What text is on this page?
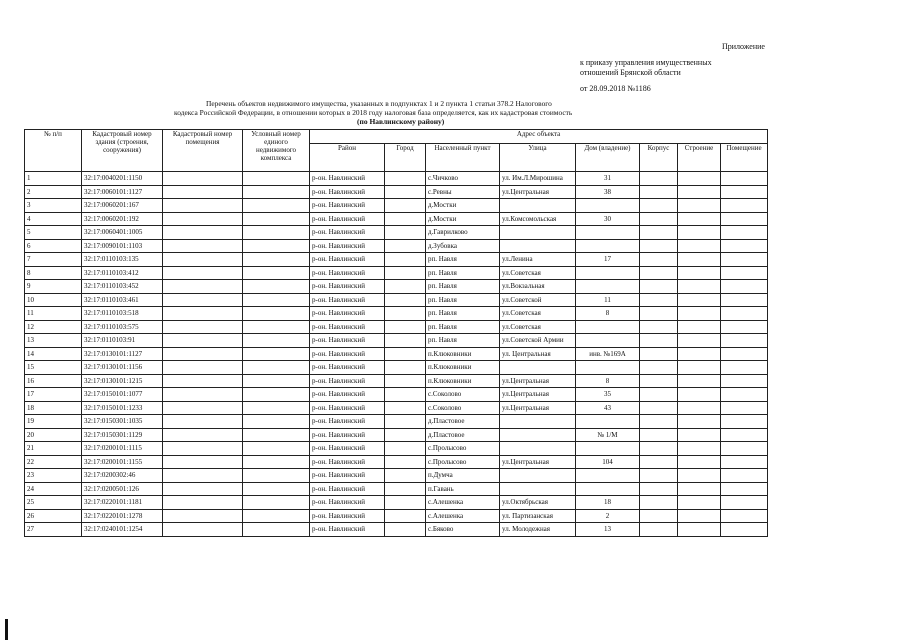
Приложение
к приказу управления имущественных
отношений Брянской области
от 28.09.2018 №1186
Перечень объектов недвижимого имущества, указанных в подпунктах 1 и 2 пункта 1 статьи 378.2 Налогового
кодекса Российской Федерации, в отношении которых в 2018 году налоговая база определяется, как их кадастровая стоимость
(по Навлинскому району)
№ п/п	Кадастровый номер здания (строения, сооружения)	Кадастровый номер помещения	Условный номер единого недвижимого комплекса	Адрес объекта							
				Район	Город	Населенный пункт	Улица	Дом (владение)	Корпус	Строение	Помещение
1	32:17:0040201:1150			р-он. Навлинский		с.Чичково	ул. Им.Л.Мирошина	31			
2	32:17:0060101:1127			р-он. Навлинский		с.Ревны	ул.Центральная	38			
3	32:17:0060201:167			р-он. Навлинский		д.Мостки					
4	32:17:0060201:192			р-он. Навлинский		д.Мостки	ул.Комсомольская	30			
5	32:17:0060401:1005			р-он. Навлинский		д.Гаврилково					
6	32:17:0090101:1103			р-он. Навлинский		д.Зубовка					
7	32:17:0110103:135			р-он. Навлинский		рп. Навля	ул.Ленина	17			
8	32:17:0110103:412			р-он. Навлинский		рп. Навля	ул.Советская				
9	32:17:0110103:452			р-он. Навлинский		рп. Навля	ул.Вокзальная				
10	32:17:0110103:461			р-он. Навлинский		рп. Навля	ул.Советской	11			
11	32:17:0110103:518			р-он. Навлинский		рп. Навля	ул.Советская	8			
12	32:17:0110103:575			р-он. Навлинский		рп. Навля	ул.Советская				
13	32:17:0110103:91			р-он. Навлинский		рп. Навля	ул.Советской Армии				
14	32:17:0130101:1127			р-он. Навлинский		п.Клюковники	ул. Центральная	инв. №169А			
15	32:17:0130101:1156			р-он. Навлинский		п.Клюковники					
16	32:17:0130101:1215			р-он. Навлинский		п.Клюковники	ул.Центральная	8			
17	32:17:0150101:1077			р-он. Навлинский		с.Соколово	ул.Центральная	35			
18	32:17:0150101:1233			р-он. Навлинский		с.Соколово	ул.Центральная	43			
19	32:17:0150301:1035			р-он. Навлинский		д.Пластовое					
20	32:17:0150301:1129			р-он. Навлинский		д.Пластовое		№ 1/М			
21	32:17:0200101:1115			р-он. Навлинский		с.Пролысово					
22	32:17:0200101:1155			р-он. Навлинский		с.Пролысово	ул.Центральная	104			
23	32:17:0200302:46			р-он. Навлинский		п.Думча					
24	32:17:0200501:126			р-он. Навлинский		п.Гавань					
25	32:17:0220101:1181			р-он. Навлинский		с.Алешенка	ул.Октябрьская	18			
26	32:17:0220101:1278			р-он. Навлинский		с.Алешенка	ул. Партизанская	2			
27	32:17:0240101:1254			р-он. Навлинский		с.Бяково	ул. Молодежная	13			
